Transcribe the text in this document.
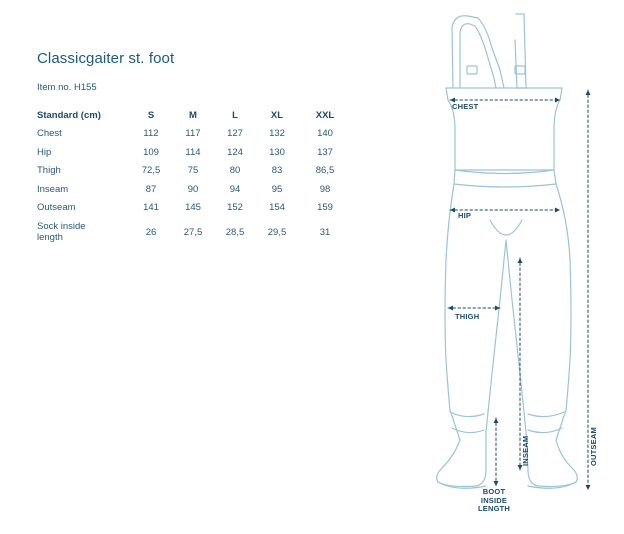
Classicgaiter st. foot
Item no. H155
Standard (cm)	S	M	L	XL	XXL
Chest	112	117	127	132	140
Hip	109	114	124	130	137
Thigh	72,5	75	80	83	86,5
Inseam	87	90	94	95	98
Outseam	141	145	152	154	159
Sock inside
length	26	27,5	28,5	29,5	31
CHEST
HIP
THIGH
INSEAM	OUTSEAM
BOOT
INSIDE
LENGTH
